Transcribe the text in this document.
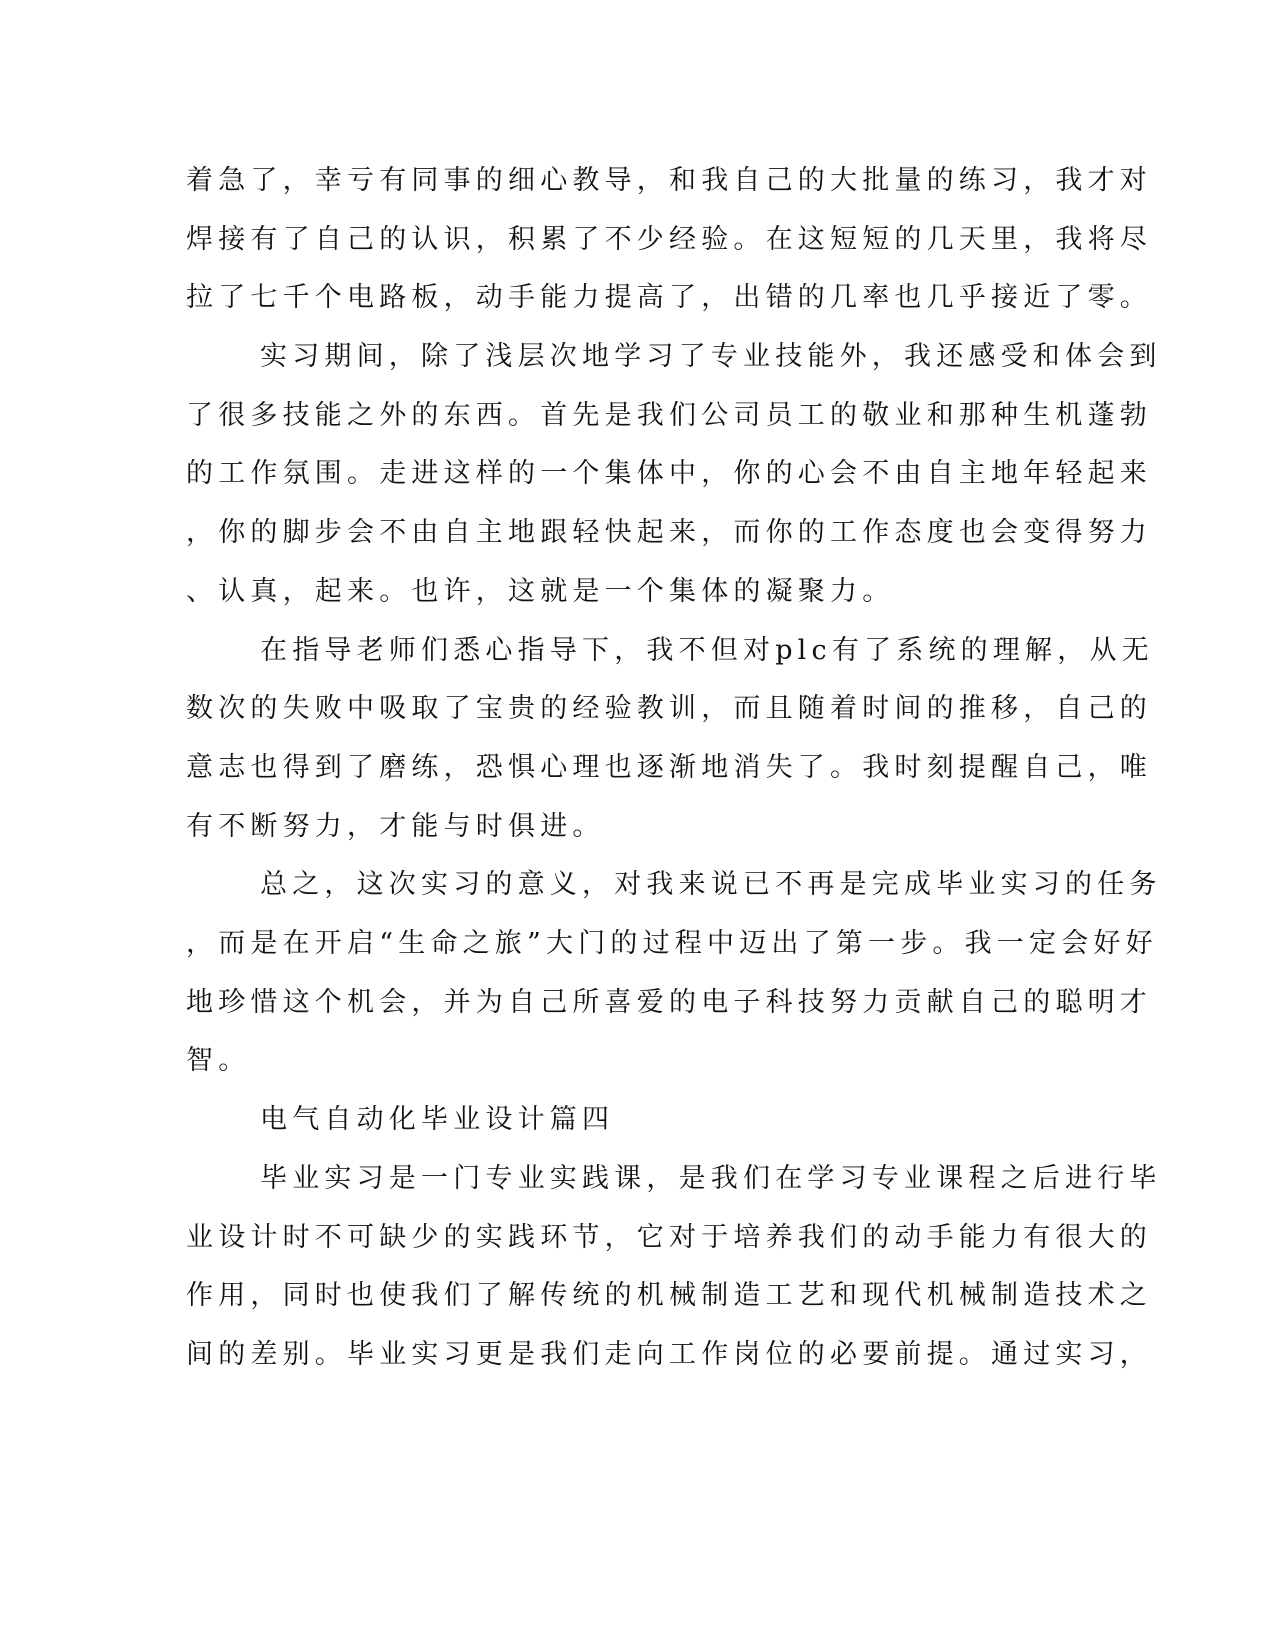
着急了，幸亏有同事的细心教导，和我自己的大批量的练习，我才对
焊接有了自己的认识，积累了不少经验。在这短短的几天里，我将尽
拉了七千个电路板，动手能力提高了，出错的几率也几乎接近了零。
实习期间，除了浅层次地学习了专业技能外，我还感受和体会到
了很多技能之外的东西。首先是我们公司员工的敬业和那种生机蓬勃
的工作氛围。走进这样的一个集体中，你的心会不由自主地年轻起来
，你的脚步会不由自主地跟轻快起来，而你的工作态度也会变得努力
、认真，起来。也许，这就是一个集体的凝聚力。
在指导老师们悉心指导下，我不但对plc有了系统的理解，从无
数次的失败中吸取了宝贵的经验教训，而且随着时间的推移，自己的
意志也得到了磨练，恐惧心理也逐渐地消失了。我时刻提醒自己，唯
有不断努力，才能与时俱进。
总之，这次实习的意义，对我来说已不再是完成毕业实习的任务
，而是在开启“生命之旅”大门的过程中迈出了第一步。我一定会好好
地珍惜这个机会，并为自己所喜爱的电子科技努力贡献自己的聪明才
智。
电气自动化毕业设计篇四
毕业实习是一门专业实践课，是我们在学习专业课程之后进行毕
业设计时不可缺少的实践环节，它对于培养我们的动手能力有很大的
作用，同时也使我们了解传统的机械制造工艺和现代机械制造技术之
间的差别。毕业实习更是我们走向工作岗位的必要前提。通过实习，
